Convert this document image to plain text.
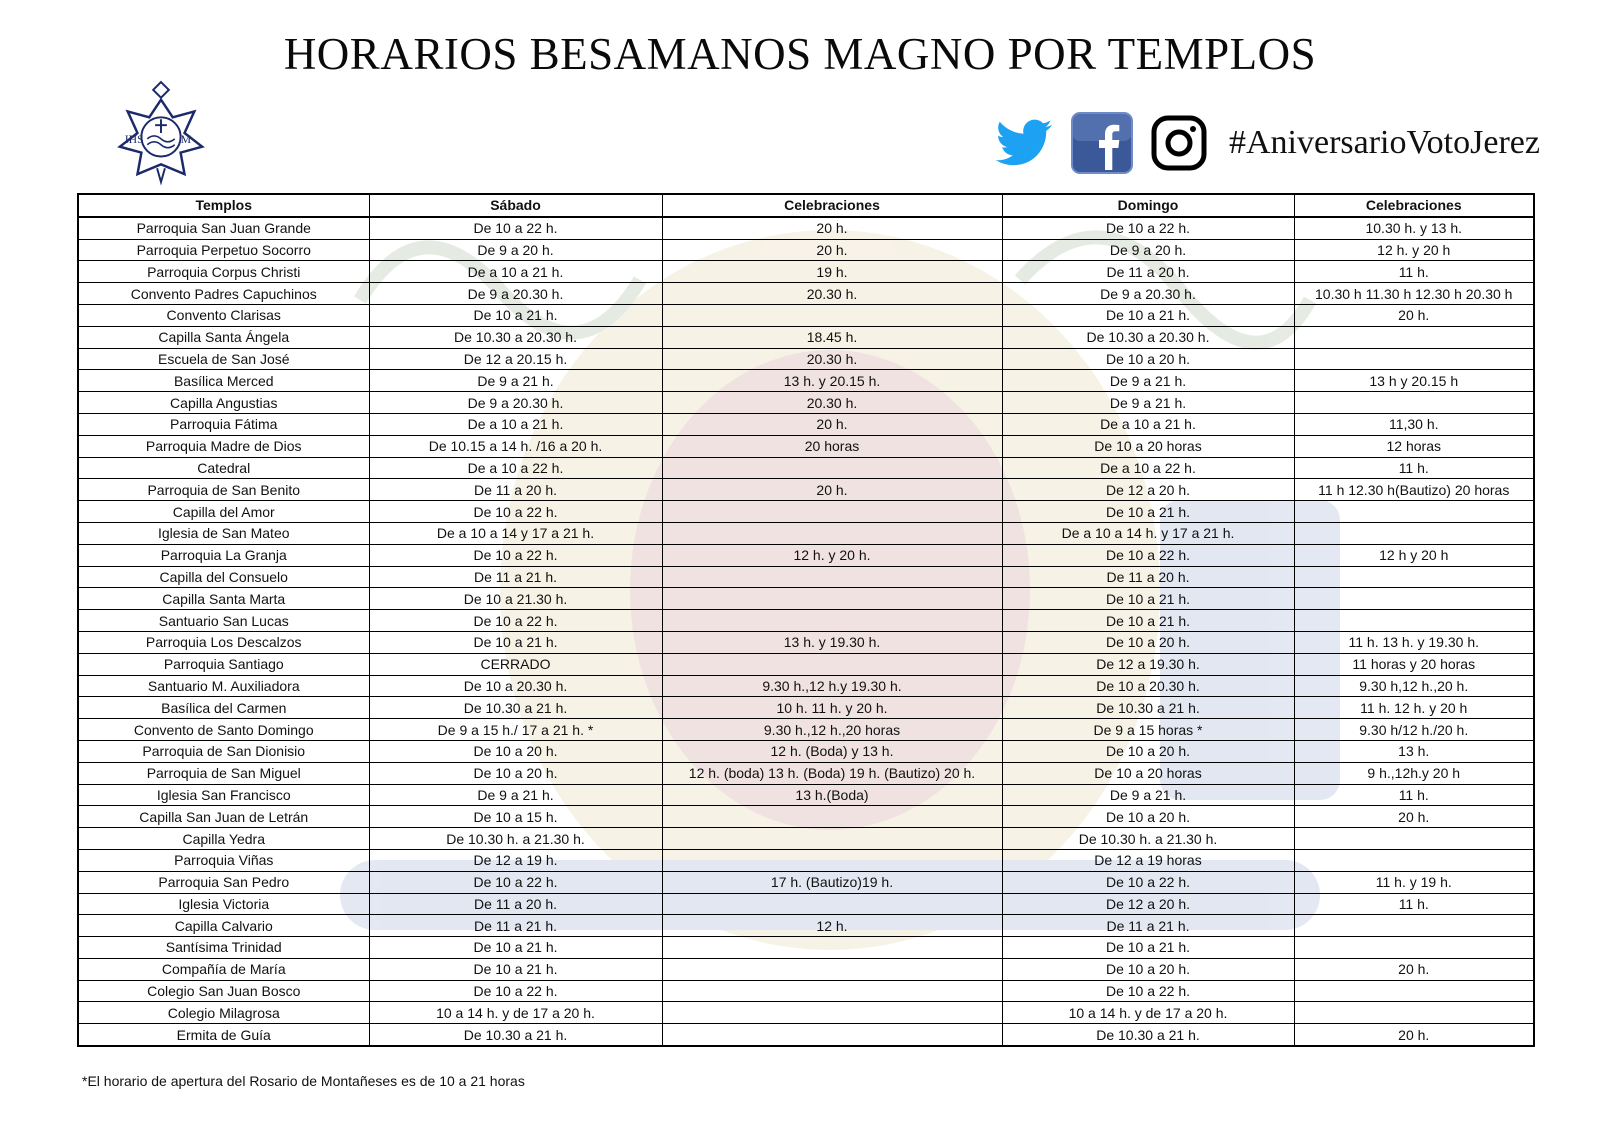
HORARIOS BESAMANOS MAGNO POR TEMPLOS
IHS	M	#AniversarioVotoJerez
Templos	Sábado	Celebraciones	Domingo	Celebraciones
Parroquia San Juan Grande	De 10 a 22 h.	20 h.	De 10 a 22 h.	10.30 h. y 13 h.
Parroquia Perpetuo Socorro	De 9 a 20 h.	20 h.	De 9 a 20 h.	12 h. y 20 h
Parroquia Corpus Christi	De a 10 a 21 h.	19 h.	De 11 a 20 h.	11 h.
Convento Padres Capuchinos	De 9 a 20.30 h.	20.30 h.	De 9 a 20.30 h.	10.30 h 11.30 h 12.30 h 20.30 h
Convento Clarisas	De 10 a 21 h.		De 10 a 21 h.	20 h.
Capilla Santa Ángela	De 10.30 a 20.30 h.	18.45 h.	De 10.30 a 20.30 h.	
Escuela de San José	De 12 a 20.15 h.	20.30 h.	De 10 a 20 h.	
Basílica Merced	De 9 a 21 h.	13 h. y 20.15 h.	De 9 a 21 h.	13 h y 20.15 h
Capilla Angustias	De 9 a 20.30 h.	20.30 h.	De 9 a 21 h.	
Parroquia Fátima	De a 10 a 21 h.	20 h.	De a 10 a 21 h.	11,30 h.
Parroquia Madre de Dios	De 10.15 a 14 h. /16 a 20 h.	20 horas	De 10 a 20 horas	12 horas
Catedral	De a 10 a 22 h.		De a 10 a 22 h.	11 h.
Parroquia de San Benito	De 11 a 20 h.	20 h.	De 12 a 20 h.	11 h 12.30 h(Bautizo) 20 horas
Capilla del Amor	De 10 a 22 h.		De 10 a 21 h.	
Iglesia de San Mateo	De a 10 a 14 y 17 a 21 h.		De a 10 a 14 h. y 17 a 21 h.	
Parroquia La Granja	De 10 a 22 h.	12 h. y 20 h.	De 10 a 22 h.	12 h y 20 h
Capilla del Consuelo	De 11 a 21 h.		De 11 a 20 h.	
Capilla Santa Marta	De 10 a 21.30 h.		De 10 a 21 h.	
Santuario San Lucas	De 10 a 22 h.		De 10 a 21 h.	
Parroquia Los Descalzos	De 10 a 21 h.	13 h. y 19.30 h.	De 10 a 20 h.	11 h. 13 h. y 19.30 h.
Parroquia Santiago	CERRADO		De 12 a 19.30 h.	11 horas y 20 horas
Santuario M. Auxiliadora	De 10 a 20.30 h.	9.30 h.,12 h.y 19.30 h.	De 10 a 20.30 h.	9.30 h,12 h.,20 h.
Basílica del Carmen	De 10.30 a 21 h.	10 h. 11 h. y 20 h.	De 10.30 a 21 h.	11 h. 12 h. y 20 h
Convento de Santo Domingo	De 9 a 15 h./ 17 a 21 h. *	9.30 h.,12 h.,20 horas	De 9 a 15 horas *	9.30 h/12 h./20 h.
Parroquia de San Dionisio	De 10 a 20 h.	12 h. (Boda) y 13 h.	De 10 a 20 h.	13 h.
Parroquia de San Miguel	De 10 a 20 h.	12 h. (boda) 13 h. (Boda) 19 h. (Bautizo) 20 h.	De 10 a 20 horas	9 h.,12h.y 20 h
Iglesia San Francisco	De 9 a 21 h.	13 h.(Boda)	De 9 a 21 h.	11 h.
Capilla San Juan de Letrán	De 10 a 15 h.		De 10 a 20 h.	20 h.
Capilla Yedra	De 10.30 h. a 21.30 h.		De 10.30 h. a 21.30 h.	
Parroquia Viñas	De 12 a 19 h.		De 12 a 19 horas	
Parroquia San Pedro	De 10 a 22 h.	17 h. (Bautizo)19 h.	De 10 a 22 h.	11 h. y 19 h.
Iglesia Victoria	De 11 a 20 h.		De 12 a 20 h.	11 h.
Capilla Calvario	De 11 a 21 h.	12 h.	De 11 a 21 h.	
Santísima Trinidad	De 10 a 21 h.		De 10 a 21 h.	
Compañía de María	De 10 a 21 h.		De 10 a 20 h.	20 h.
Colegio San Juan Bosco	De 10 a 22 h.		De 10 a 22 h.	
Colegio Milagrosa	10 a 14 h. y de 17 a 20 h.		10 a 14 h. y de 17 a 20 h.	
Ermita de Guía	De 10.30 a 21 h.		De 10.30 a 21 h.	20 h.
*El horario de apertura del Rosario de Montañeses es de 10 a 21 horas
